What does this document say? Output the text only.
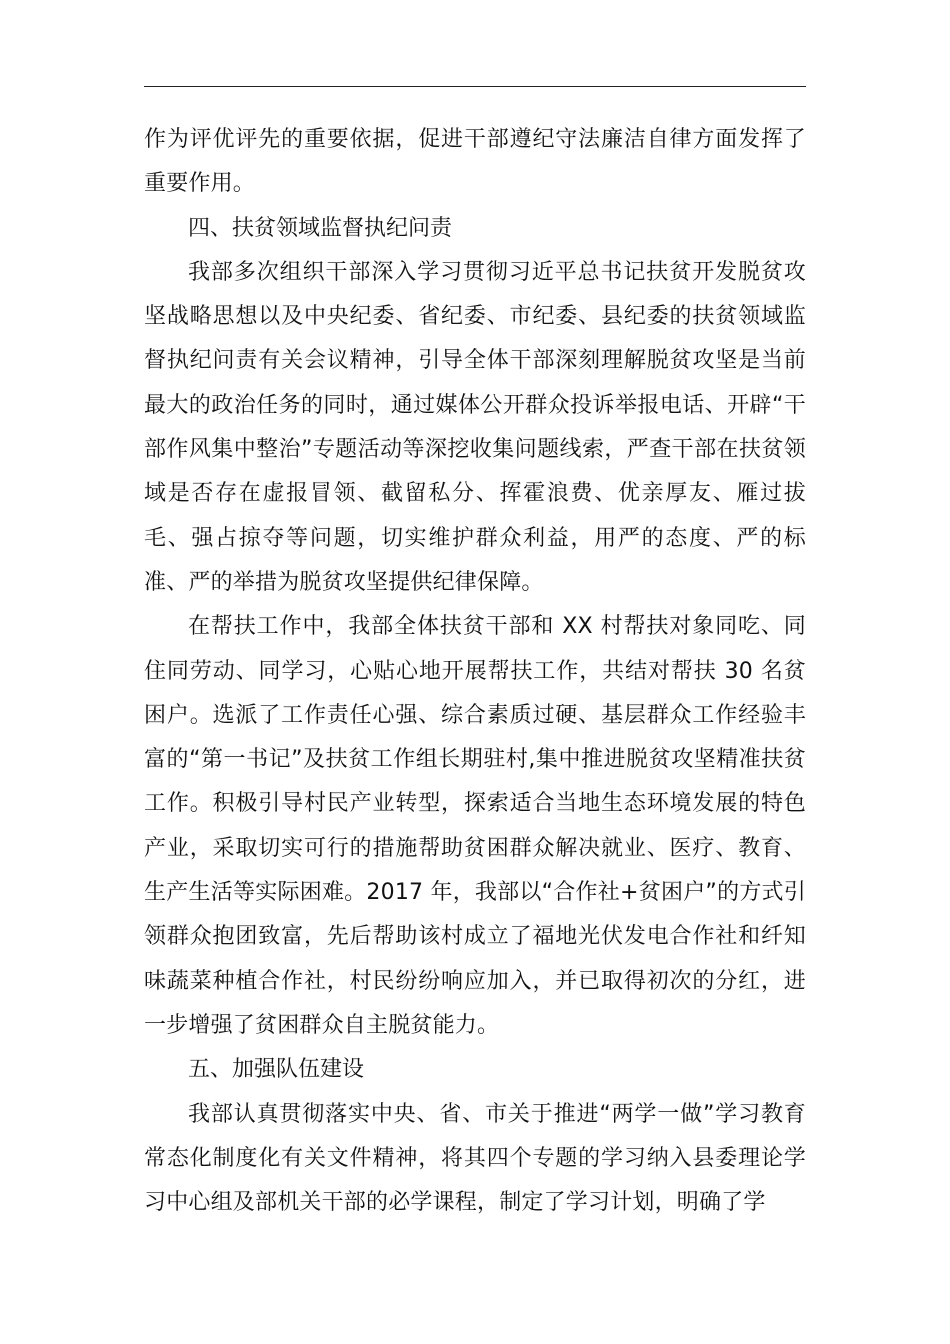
作为评优评先的重要依据，促进干部遵纪守法廉洁自律方面发挥了重要作用。

四、扶贫领域监督执纪问责

我部多次组织干部深入学习贯彻习近平总书记扶贫开发脱贫攻坚战略思想以及中央纪委、省纪委、市纪委、县纪委的扶贫领域监督执纪问责有关会议精神，引导全体干部深刻理解脱贫攻坚是当前最大的政治任务的同时，通过媒体公开群众投诉举报电话、开辟“干部作风集中整治”专题活动等深挖收集问题线索，严查干部在扶贫领域是否存在虚报冒领、截留私分、挥霍浪费、优亲厚友、雁过拔毛、强占掠夺等问题，切实维护群众利益，用严的态度、严的标准、严的举措为脱贫攻坚提供纪律保障。

在帮扶工作中，我部全体扶贫干部和 XX 村帮扶对象同吃、同住同劳动、同学习，心贴心地开展帮扶工作，共结对帮扶 30 名贫困户。选派了工作责任心强、综合素质过硬、基层群众工作经验丰富的“第一书记”及扶贫工作组长期驻村,集中推进脱贫攻坚精准扶贫工作。积极引导村民产业转型，探索适合当地生态环境发展的特色产业，采取切实可行的措施帮助贫困群众解决就业、医疗、教育、生产生活等实际困难。2017 年，我部以“合作社+贫困户”的方式引领群众抱团致富，先后帮助该村成立了福地光伏发电合作社和纤知味蔬菜种植合作社，村民纷纷响应加入，并已取得初次的分红，进一步增强了贫困群众自主脱贫能力。

五、加强队伍建设

我部认真贯彻落实中央、省、市关于推进“两学一做”学习教育常态化制度化有关文件精神，将其四个专题的学习纳入县委理论学习中心组及部机关干部的必学课程，制定了学习计划，明确了学
